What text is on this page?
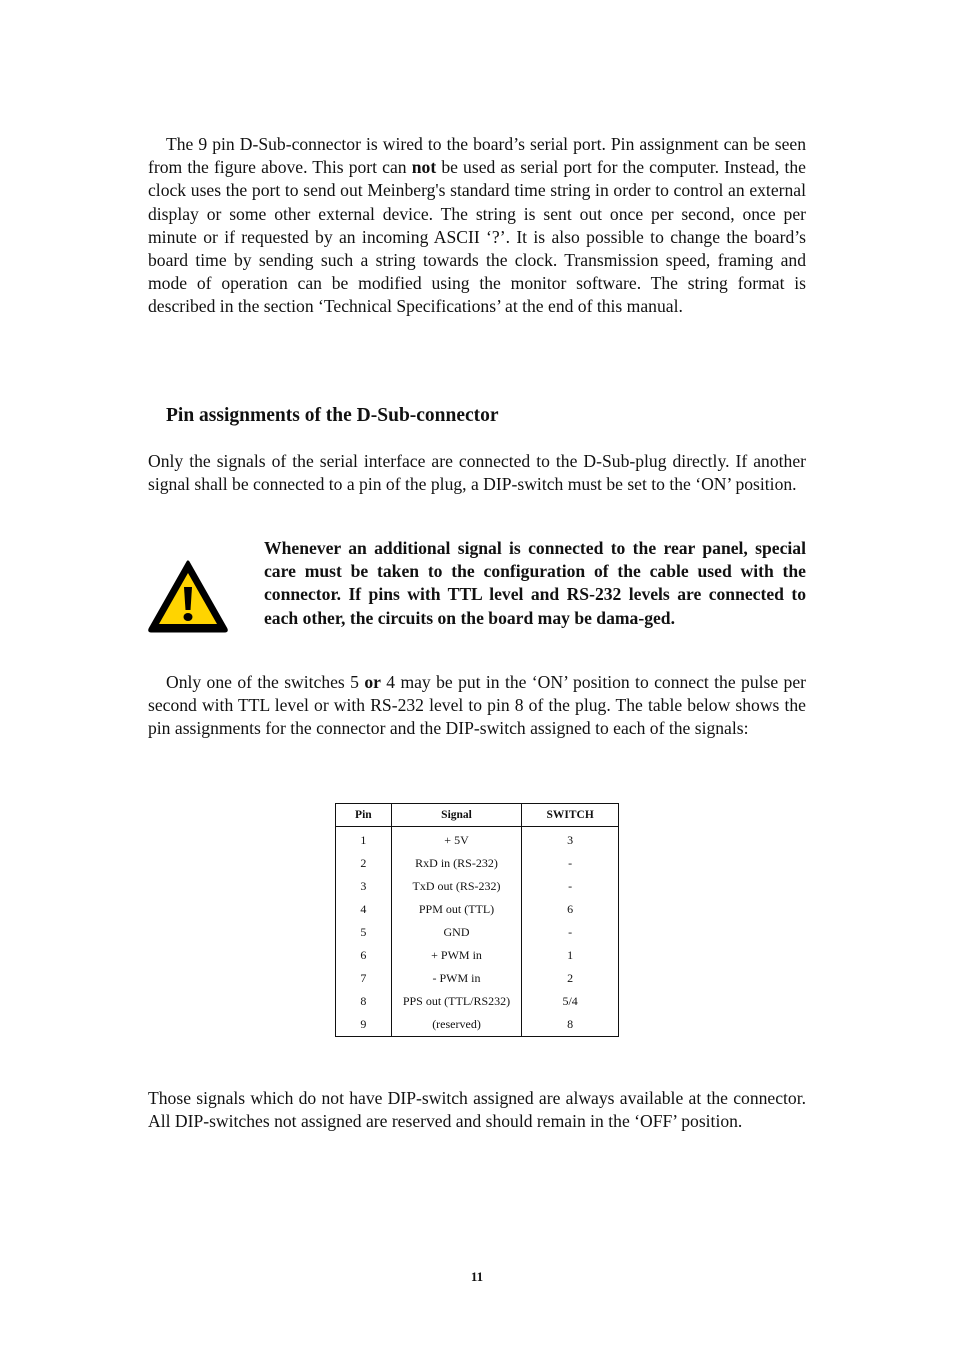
The 9 pin D-Sub-connector is wired to the board’s serial port. Pin assignment can be seen from the figure above. This port can not be used as serial port for the computer. Instead, the clock uses the port to send out Meinberg's standard time string in order to control an external display or some other external device. The string is sent out once per second, once per minute or if requested by an incoming ASCII ‘?’. It is also possible to change the board’s board time by sending such a string towards the clock. Transmission speed, framing and mode of operation can be modified using the monitor software. The string format is described in the section ‘Technical Specifications’ at the end of this manual.

Pin assignments of the D-Sub-connector

Only the signals of the serial interface are connected to the D-Sub-plug directly. If another signal shall be connected to a pin of the plug, a DIP-switch must be set to the ‘ON’ position.

Whenever an additional signal is connected to the rear panel, special care must be taken to the configuration of the cable used with the connector. If pins with TTL level and RS-232 levels are connected to each other, the circuits on the board may be dama-ged.

Only one of the switches 5 or 4 may be put in the ‘ON’ position to connect the pulse per second with TTL level or with RS-232 level to pin 8 of the plug. The table below shows the pin assignments for the connector and the DIP-switch assigned to each of the signals:

Pin	Signal	SWITCH
1	+ 5V	3
2	RxD in (RS-232)	-
3	TxD out (RS-232)	-
4	PPM out (TTL)	6
5	GND	-
6	+ PWM in	1
7	- PWM in	2
8	PPS out (TTL/RS232)	5/4
9	(reserved)	8

Those signals which do not have DIP-switch assigned are always available at the connector. All DIP-switches not assigned are reserved and should remain in the ‘OFF’ position.

11
